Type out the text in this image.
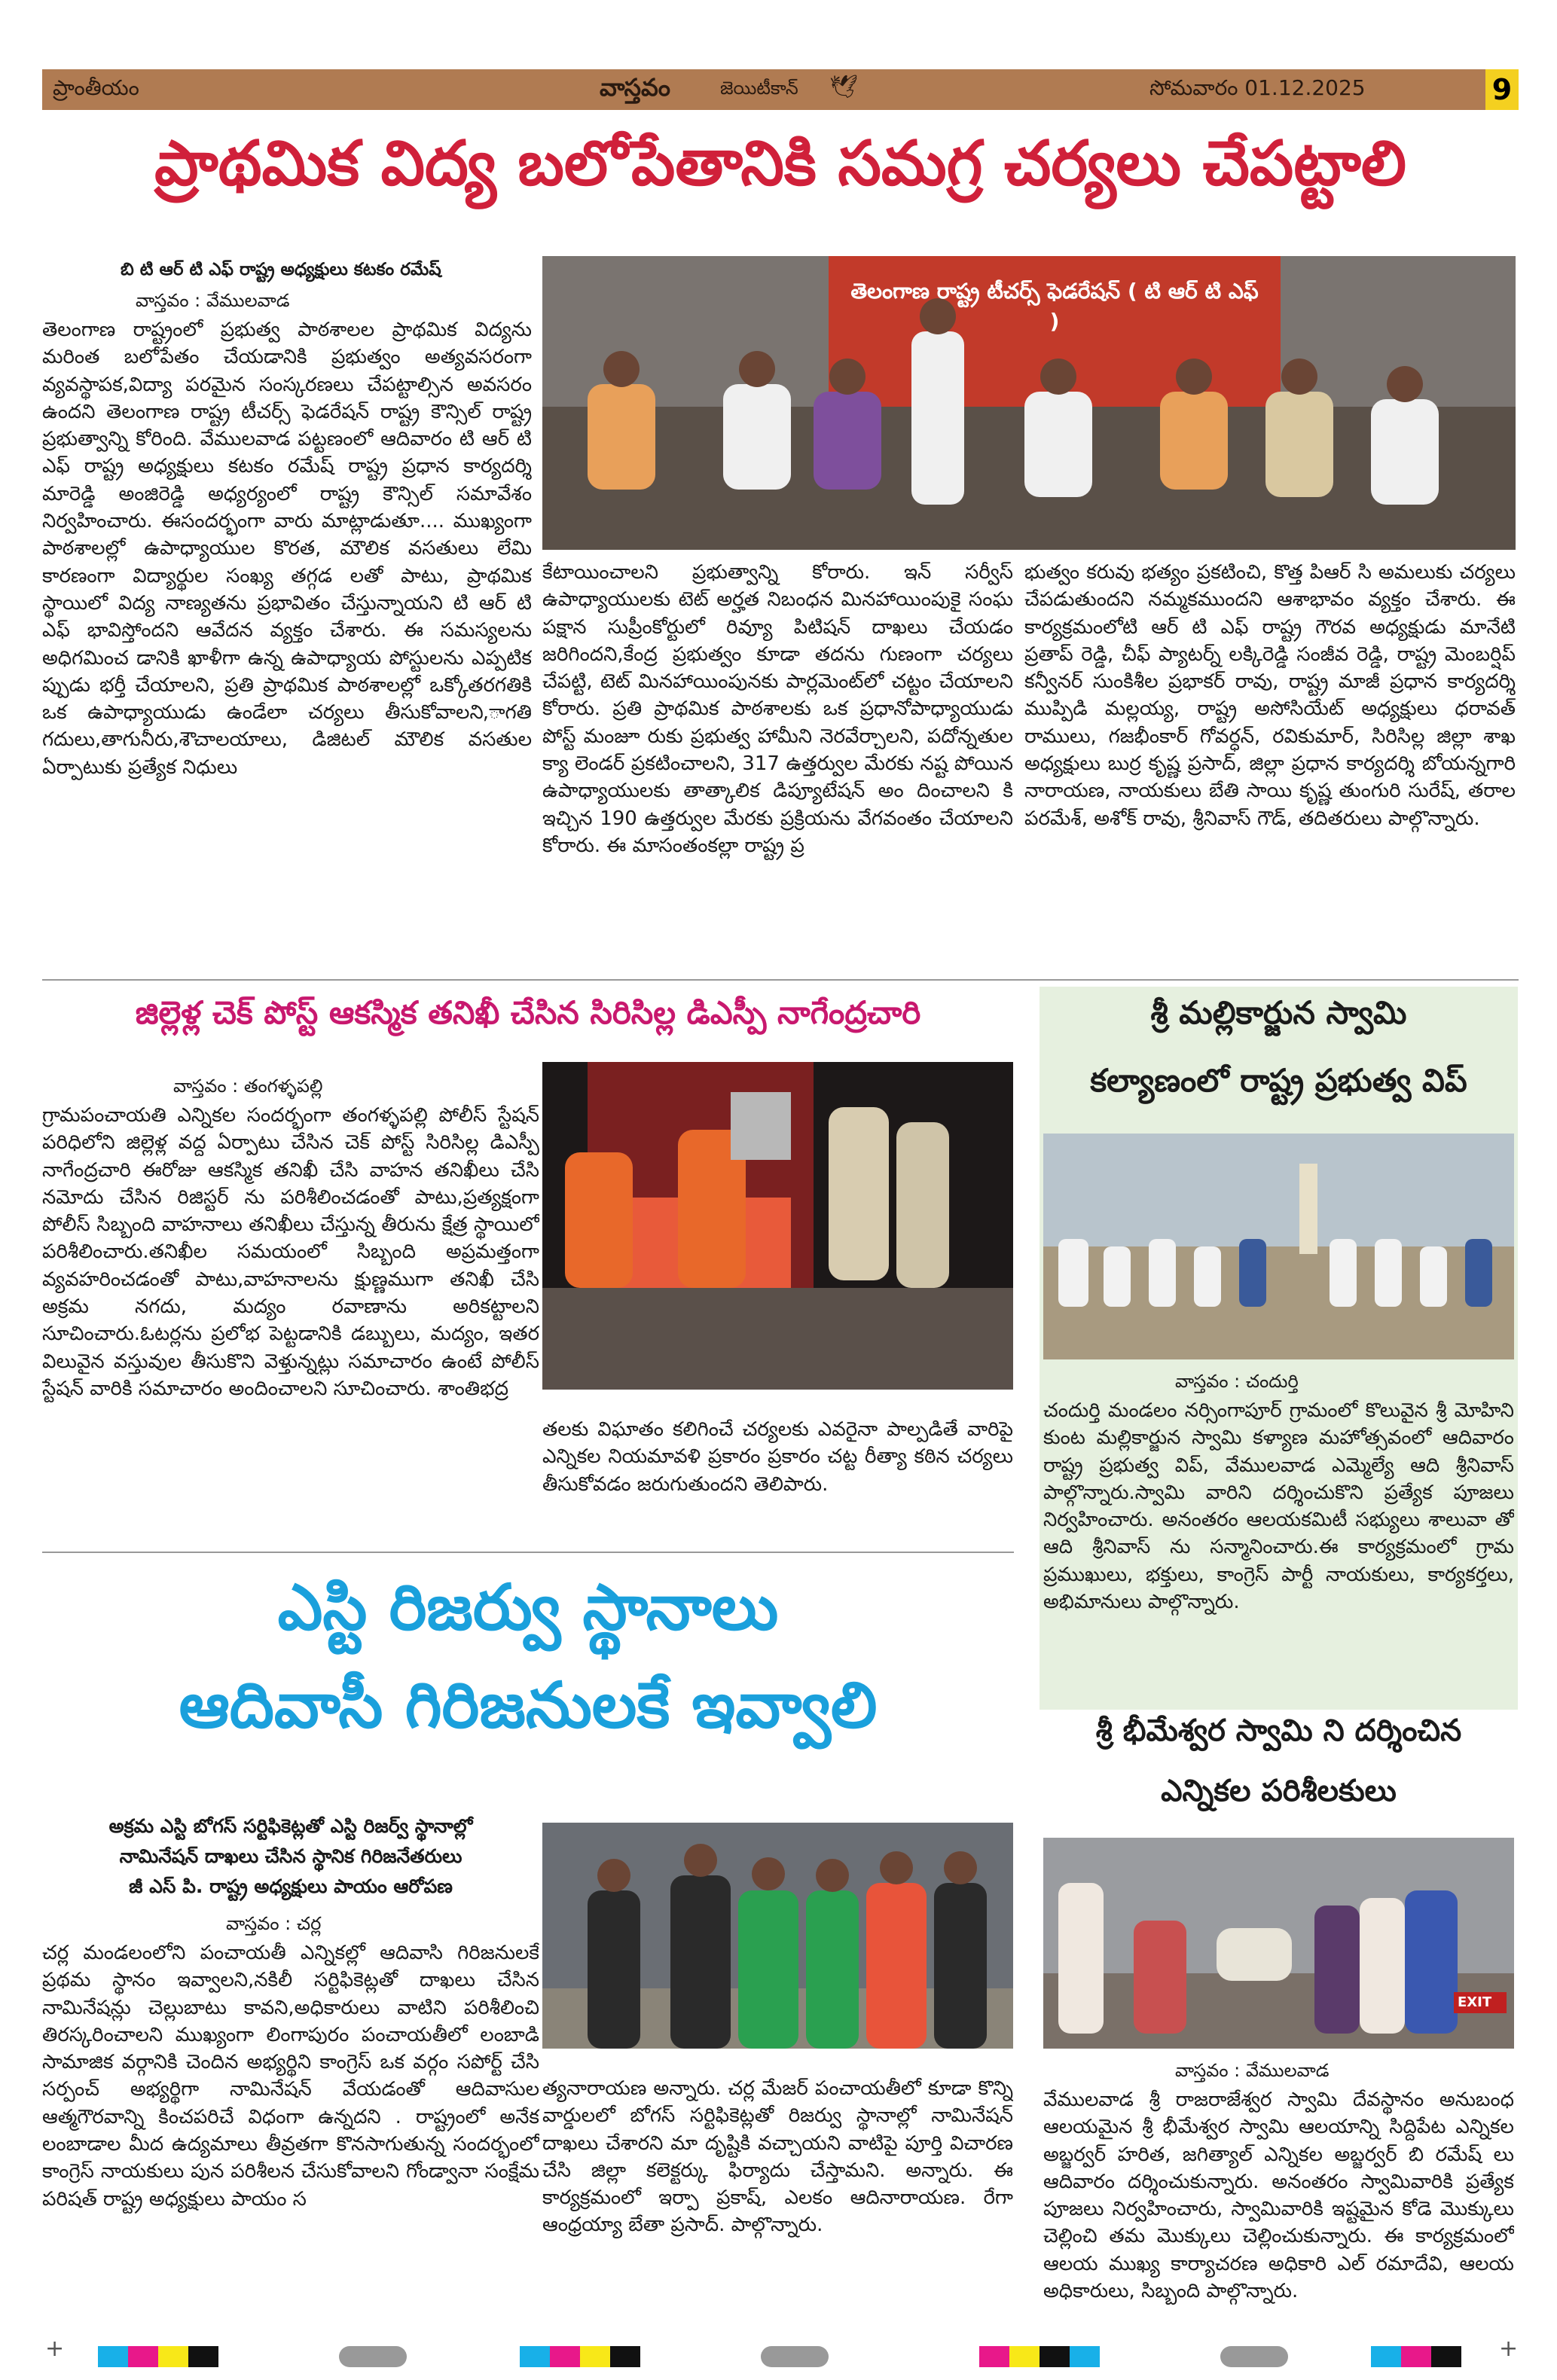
ప్రాంతీయం	వాస్తవం	జెయిటీకాన్ 🕊	సోమవారం 01.12.2025	9
ప్రాథమిక విద్య బలోపేతానికి సమగ్ర చర్యలు చేపట్టాలి
బి టి ఆర్ టి ఎఫ్ రాష్ట్ర అధ్యక్షులు కటకం రమేష్
వాస్తవం : వేములవాడ
తెలంగాణ రాష్ట్రంలో ప్రభుత్వ పాఠశాలల ప్రాథమిక విద్యను మరింత బలోపేతం చేయడానికి ప్రభుత్వం అత్యవసరంగా వ్యవస్థాపక,విద్యా పరమైన సంస్కరణలు చేపట్టాల్సిన అవసరం ఉందని తెలంగాణ రాష్ట్ర టీచర్స్ ఫెడరేషన్ రాష్ట్ర కౌన్సిల్ రాష్ట్ర ప్రభుత్వాన్ని కోరింది. వేములవాడ పట్టణంలో ఆదివారం టి ఆర్ టి ఎఫ్ రాష్ట్ర అధ్యక్షులు కటకం రమేష్ రాష్ట్ర ప్రధాన కార్యదర్శి మారెడ్డి అంజిరెడ్డి అధ్యర్యంలో రాష్ట్ర కౌన్సిల్ సమావేశం నిర్వహించారు. ఈసందర్భంగా వారు మాట్లాడుతూ.... ముఖ్యంగా పాఠశాలల్లో ఉపాధ్యాయుల కొరత, మౌలిక వసతులు లేమి కారణంగా విద్యార్థుల సంఖ్య తగ్గడ లతో పాటు, ప్రాథమిక స్థాయిలో విద్య నాణ్యతను ప్రభావితం చేస్తున్నాయని టి ఆర్ టి ఎఫ్ భావిస్తోందని ఆవేదన వ్యక్తం చేశారు. ఈ సమస్యలను అధిగమించ డానికి ఖాళీగా ఉన్న ఉపాధ్యాయ పోస్టులను ఎప్పటిక ప్పుడు భర్తీ చేయాలని, ప్రతి ప్రాథమిక పాఠశాలల్లో ఒక్కోతరగతికి ఒక ఉపాధ్యాయుడు ఉండేలా చర్యలు తీసుకోవాలని,ాగతి గదులు,తాగునీరు,శౌచాలయాలు, డిజిటల్ మౌలిక వసతుల ఏర్పాటుకు ప్రత్యేక నిధులు
తెలంగాణ రాష్ట్ర టీచర్స్ ఫెడరేషన్ ( టి ఆర్ టి ఎఫ్ )
కేటాయించాలని ప్రభుత్వాన్ని కోరారు. ఇన్ సర్వీస్ ఉపాధ్యాయులకు టెట్ అర్హత నిబంధన మినహాయింపుకై సంఘ పక్షాన సుప్రీంకోర్టులో రివ్యూ పిటిషన్ దాఖలు చేయడం జరిగిందని,కేంద్ర ప్రభుత్వం కూడా తదను గుణంగా చర్యలు చేపట్టి, టెట్ మినహాయింపునకు పార్లమెంట్‌లో చట్టం చేయాలని కోరారు. ప్రతి ప్రాథమిక పాఠశాలకు ఒక ప్రధానోపాధ్యాయుడు పోస్ట్ మంజూ రుకు ప్రభుత్వ హామీని నెరవేర్చాలని, పదోన్నతుల క్యా లెండర్ ప్రకటించాలని, 317 ఉత్తర్వుల మేరకు నష్ట పోయిన ఉపాధ్యాయులకు తాత్కాలిక డిప్యూటేషన్ అం దించాలని కి ఇచ్చిన 190 ఉత్తర్వుల మేరకు ప్రక్రియను వేగవంతం చేయాలని కోరారు. ఈ మాసంతంకల్లా రాష్ట్ర ప్ర
భుత్వం కరువు భత్యం ప్రకటించి, కొత్త పిఆర్ సి అమలుకు చర్యలు చేపడుతుందని నమ్మకముందని ఆశాభావం వ్యక్తం చేశారు. ఈ కార్యక్రమంలోటి ఆర్ టి ఎఫ్ రాష్ట్ర గౌరవ అధ్యక్షుడు మానేటి ప్రతాప్ రెడ్డి, చీఫ్ ప్యాటర్న్ లక్కిరెడ్డి సంజీవ రెడ్డి, రాష్ట్ర మెంబర్షిప్ కన్వీనర్ సుంకిశీల ప్రభాకర్ రావు, రాష్ట్ర మాజీ ప్రధాన కార్యదర్శి ముప్పిడి మల్లయ్య, రాష్ట్ర అసోసియేట్ అధ్యక్షులు ధరావత్ రాములు, గజభీంకార్ గోవర్ధన్, రవికుమార్, సిరిసిల్ల జిల్లా శాఖ అధ్యక్షులు బుర్ర కృష్ణ ప్రసాద్, జిల్లా ప్రధాన కార్యదర్శి బోయన్నగారి నారాయణ, నాయకులు బేతి సాయి కృష్ణ తుంగురి సురేష్, తరాల పరమేశ్, అశోక్ రావు, శ్రీనివాస్ గౌడ్, తదితరులు పాల్గొన్నారు.
జిల్లెళ్ల చెక్ పోస్ట్ ఆకస్మిక తనిఖీ చేసిన సిరిసిల్ల డిఎస్పీ నాగేంద్రచారి
వాస్తవం : తంగళ్ళపల్లి
గ్రామపంచాయతి ఎన్నికల సందర్భంగా తంగళ్ళపల్లి పోలీస్ స్టేషన్ పరిధిలోని జిల్లెళ్ల వద్ద ఏర్పాటు చేసిన చెక్ పోస్ట్ సిరిసిల్ల డిఎస్పీ నాగేంద్రచారి ఈరోజు ఆకస్మిక తనిఖీ చేసి వాహన తనిఖీలు చేసి నమోదు చేసిన రిజిస్టర్ ను పరిశీలించడంతో పాటు,ప్రత్యక్షంగా పోలీస్ సిబ్బంది వాహనాలు తనిఖీలు చేస్తున్న తీరును క్షేత్ర స్థాయిలో పరిశీలించారు.తనిఖీల సమయంలో సిబ్బంది అప్రమత్తంగా వ్యవహరించడంతో పాటు,వాహనాలను క్షుణ్ణముగా తనిఖీ చేసి అక్రమ నగదు, మద్యం రవాణాను అరికట్టాలని సూచించారు.ఓటర్లను ప్రలోభ పెట్టడానికి డబ్బులు, మద్యం, ఇతర విలువైన వస్తువుల తీసుకొని వెళ్తున్నట్లు సమాచారం ఉంటే పోలీస్ స్టేషన్ వారికి సమాచారం అందించాలని సూచించారు. శాంతిభద్ర
తలకు విఘాతం కలిగించే చర్యలకు ఎవరైనా పాల్పడితే వారిపై ఎన్నికల నియమావళి ప్రకారం ప్రకారం చట్ట రీత్యా కఠిన చర్యలు తీసుకోవడం జరుగుతుందని తెలిపారు.
శ్రీ మల్లికార్జున స్వామి
కల్యాణంలో రాష్ట్ర ప్రభుత్వ విప్
వాస్తవం : చందుర్తి
చందుర్తి మండలం నర్సింగాపూర్ గ్రామంలో కొలువైన శ్రీ మోహిని కుంట మల్లికార్జున స్వామి కళ్యాణ మహోత్సవంలో ఆదివారం రాష్ట్ర ప్రభుత్వ విప్, వేములవాడ ఎమ్మెల్యే ఆది శ్రీనివాస్ పాల్గొన్నారు.స్వామి వారిని దర్శించుకొని ప్రత్యేక పూజలు నిర్వహించారు. అనంతరం ఆలయకమిటీ సభ్యులు శాలువా తో ఆది శ్రీనివాస్ ను సన్మానించారు.ఈ కార్యక్రమంలో గ్రామ ప్రముఖులు, భక్తులు, కాంగ్రెస్ పార్టీ నాయకులు, కార్యకర్తలు, అభిమానులు పాల్గొన్నారు.
ఎస్టి రిజర్వు స్థానాలు
ఆదివాసీ గిరిజనులకే ఇవ్వాలి
అక్రమ ఎస్టి బోగస్ సర్టిఫికెట్లతో ఎస్టి రిజర్వ్ స్థానాల్లో
నామినేషన్ దాఖలు చేసిన స్థానిక గిరిజనేతరులు
జీ ఎస్ పి. రాష్ట్ర అధ్యక్షులు పాయం ఆరోపణ
వాస్తవం : చర్ల
చర్ల మండలంలోని పంచాయతీ ఎన్నికల్లో ఆదివాసి గిరిజనులకే ప్రథమ స్థానం ఇవ్వాలని,నకిలీ సర్టిఫికెట్లతో దాఖలు చేసిన నామినేషన్లు చెల్లుబాటు కావని,అధికారులు వాటిని పరిశీలించి తిరస్కరించాలని ముఖ్యంగా లింగాపురం పంచాయతీలో లంబాడి సామాజిక వర్గానికి చెందిన అభ్యర్థిని కాంగ్రెస్ ఒక వర్గం సపోర్ట్ చేసి సర్పంచ్ అభ్యర్థిగా నామినేషన్ వేయడంతో ఆదివాసుల ఆత్మగౌరవాన్ని కించపరిచే విధంగా ఉన్నదని . రాష్ట్రంలో అనేక లంబాడాల మీద ఉద్యమాలు తీవ్రతగా కొనసాగుతున్న సందర్భంలో కాంగ్రెస్ నాయకులు పున పరిశీలన చేసుకోవాలని గోండ్వానా సంక్షేమ పరిషత్ రాష్ట్ర అధ్యక్షులు పాయం స
త్యనారాయణ అన్నారు. చర్ల మేజర్ పంచాయతీలో కూడా కొన్ని వార్డులలో బోగస్ సర్టిఫికెట్లతో రిజర్వు స్థానాల్లో నామినేషన్ దాఖలు చేశారని మా దృష్టికి వచ్చాయని వాటిపై పూర్తి విచారణ చేసి జిల్లా కలెక్టర్కు ఫిర్యాదు చేస్తామని. అన్నారు. ఈ కార్యక్రమంలో ఇర్పా ప్రకాష్, ఎలకం ఆదినారాయణ. రేగా ఆంధ్రయ్యా బేతా ప్రసాద్. పాల్గొన్నారు.
శ్రీ భీమేశ్వర స్వామి ని దర్శించిన
ఎన్నికల పరిశీలకులు
EXIT
వాస్తవం : వేములవాడ
వేములవాడ శ్రీ రాజరాజేశ్వర స్వామి దేవస్థానం అనుబంధ ఆలయమైన శ్రీ భీమేశ్వర స్వామి ఆలయాన్ని సిద్దిపేట ఎన్నికల అబ్జర్వర్ హరిత, జగిత్యాల్ ఎన్నికల అబ్జర్వర్ బి రమేష్ లు ఆదివారం దర్శించుకున్నారు. అనంతరం స్వామివారికి ప్రత్యేక పూజలు నిర్వహించారు, స్వామివారికి ఇష్టమైన కోడె మొక్కులు చెల్లించి తమ మొక్కులు చెల్లించుకున్నారు. ఈ కార్యక్రమంలో ఆలయ ముఖ్య కార్యాచరణ అధికారి ఎల్ రమాదేవి, ఆలయ అధికారులు, సిబ్బంది పాల్గొన్నారు.
+	+
